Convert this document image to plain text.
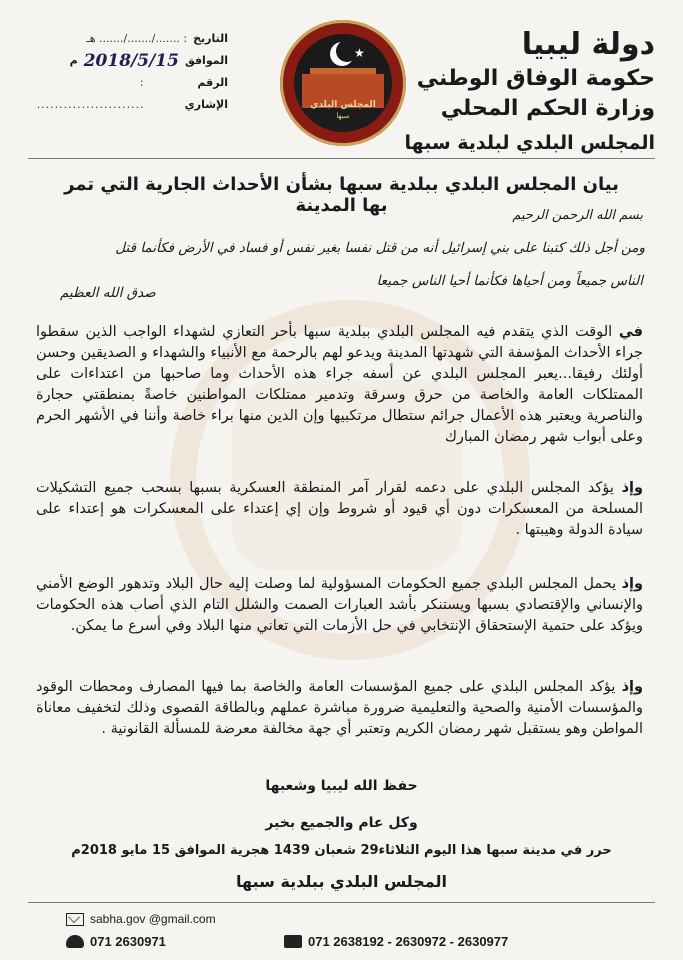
دولة ليبيا
حكومة الوفاق الوطني
وزارة الحكم المحلي
المجلس البلدي لبلدية سبها
★
المجلس البلدي
سبها
التاريخ
: ......./......./....... هـ
الموافق
2018/5/15
م
الرقم الإشاري
: ........................
بيان المجلس البلدي ببلدية سبها بشأن الأحداث الجارية التي تمر بها المدينة	بسم الله الرحمن الرحيم
ومن أجل ذلك كتبنا على بني إسرائيل أنه من قتل نفسا بغير نفس أو فساد في الأرض فكأنما قتل
الناس جميعاً ومن أحياها فكأنما أحيا الناس جميعا
صدق الله العظيم
في الوقت الذي يتقدم فيه المجلس البلدي ببلدية سبها بأحر التعازي لشهداء الواجب الذين سقطوا جراء الأحداث المؤسفة التي شهدتها المدينة ويدعو لهم بالرحمة مع الأنبياء والشهداء و الصديقين وحسن أولئك رفيقا...يعبر المجلس البلدي عن أسفه جراء هذه الأحداث وما صاحبها من اعتداءات على الممتلكات العامة والخاصة من حرق وسرقة وتدمير ممتلكات المواطنين خاصةً بمنطقتي حجارة والناصرية ويعتبر هذه الأعمال جرائم ستطال مرتكبيها وإن الدين منها براء خاصة وأننا في الأشهر الحرم وعلى أبواب شهر رمضان المبارك
وإذ يؤكد المجلس البلدي على دعمه لقرار آمر المنطقة العسكرية بسبها بسحب جميع التشكيلات المسلحة من المعسكرات دون أي قيود أو شروط وإن إي إعتداء على المعسكرات هو إعتداء على سيادة الدولة وهيبتها .
وإذ يحمل المجلس البلدي جميع الحكومات المسؤولية لما وصلت إليه حال البلاد وتدهور الوضع الأمني والإنساني والإقتصادي بسبها ويستنكر بأشد العبارات الصمت والشلل التام الذي أصاب هذه الحكومات ويؤكد على حتمية الإستحقاق الإنتخابي في حل الأزمات التي تعاني منها البلاد وفي أسرع ما يمكن.
وإذ يؤكد المجلس البلدي على جميع المؤسسات العامة والخاصة بما فيها المصارف ومحطات الوقود والمؤسسات الأمنية والصحية والتعليمية ضرورة مباشرة عملهم وبالطاقة القصوى وذلك لتخفيف معاناة المواطن وهو يستقبل شهر رمضان الكريم وتعتبر أي جهة مخالفة معرضة للمسألة القانونية .
حفظ الله ليبيا وشعبها
وكل عام والجميع بخير
حرر في مدينة سبها هذا اليوم الثلاثاء29 شعبان 1439 هجرية الموافق 15 مايو 2018م
المجلس البلدي ببلدية سبها
sabha.gov @gmail.com
071 2630971	071 2638192 - 2630972 - 2630977
